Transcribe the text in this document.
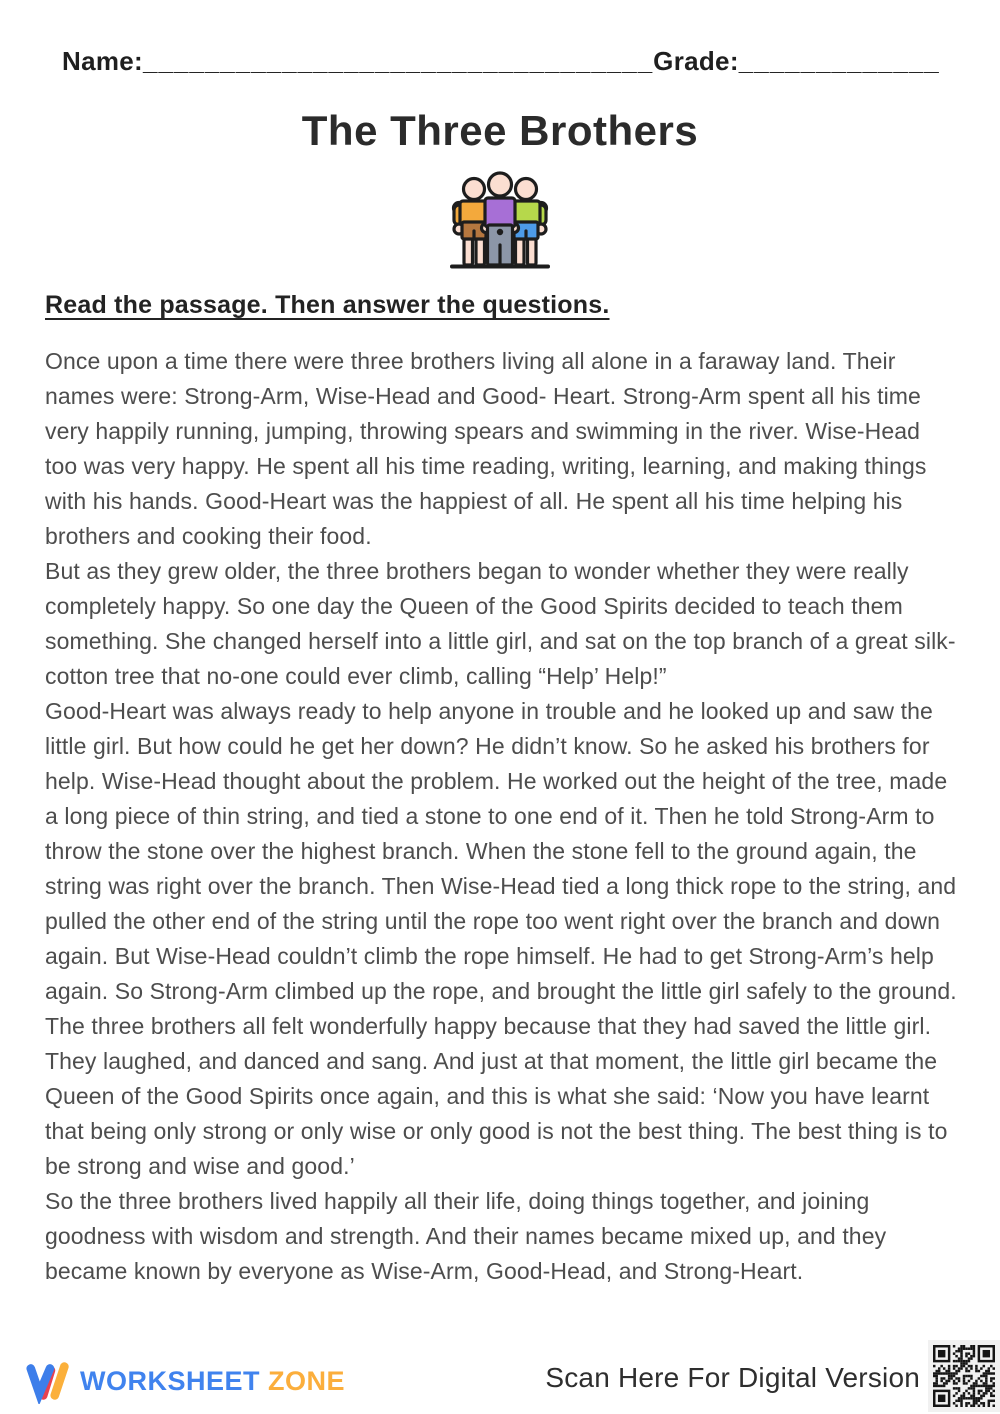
Name:_________________________________ Grade:_____________
The Three Brothers
Read the passage. Then answer the questions.

Once upon a time there were three brothers living all alone in a faraway land. Their names were: Strong-Arm, Wise-Head and Good- Heart. Strong-Arm spent all his time very happily running, jumping, throwing spears and swimming in the river. Wise-Head too was very happy. He spent all his time reading, writing, learning, and making things with his hands. Good-Heart was the happiest of all. He spent all his time helping his brothers and cooking their food.

But as they grew older, the three brothers began to wonder whether they were really completely happy. So one day the Queen of the Good Spirits decided to teach them something. She changed herself into a little girl, and sat on the top branch of a great silk-cotton tree that no-one could ever climb, calling “Help’ Help!”

Good-Heart was always ready to help anyone in trouble and he looked up and saw the little girl. But how could he get her down? He didn’t know. So he asked his brothers for help. Wise-Head thought about the problem. He worked out the height of the tree, made a long piece of thin string, and tied a stone to one end of it. Then he told Strong-Arm to throw the stone over the highest branch. When the stone fell to the ground again, the string was right over the branch. Then Wise-Head tied a long thick rope to the string, and pulled the other end of the string until the rope too went right over the branch and down again. But Wise-Head couldn’t climb the rope himself. He had to get Strong-Arm’s help again. So Strong-Arm climbed up the rope, and brought the little girl safely to the ground. The three brothers all felt wonderfully happy because that they had saved the little girl. They laughed, and danced and sang. And just at that moment, the little girl became the Queen of the Good Spirits once again, and this is what she said: ‘Now you have learnt that being only strong or only wise or only good is not the best thing. The best thing is to be strong and wise and good.’

So the three brothers lived happily all their life, doing things together, and joining goodness with wisdom and strength. And their names became mixed up, and they became known by everyone as Wise-Arm, Good-Head, and Strong-Heart.

WORKSHEET ZONE	Scan Here For Digital Version
